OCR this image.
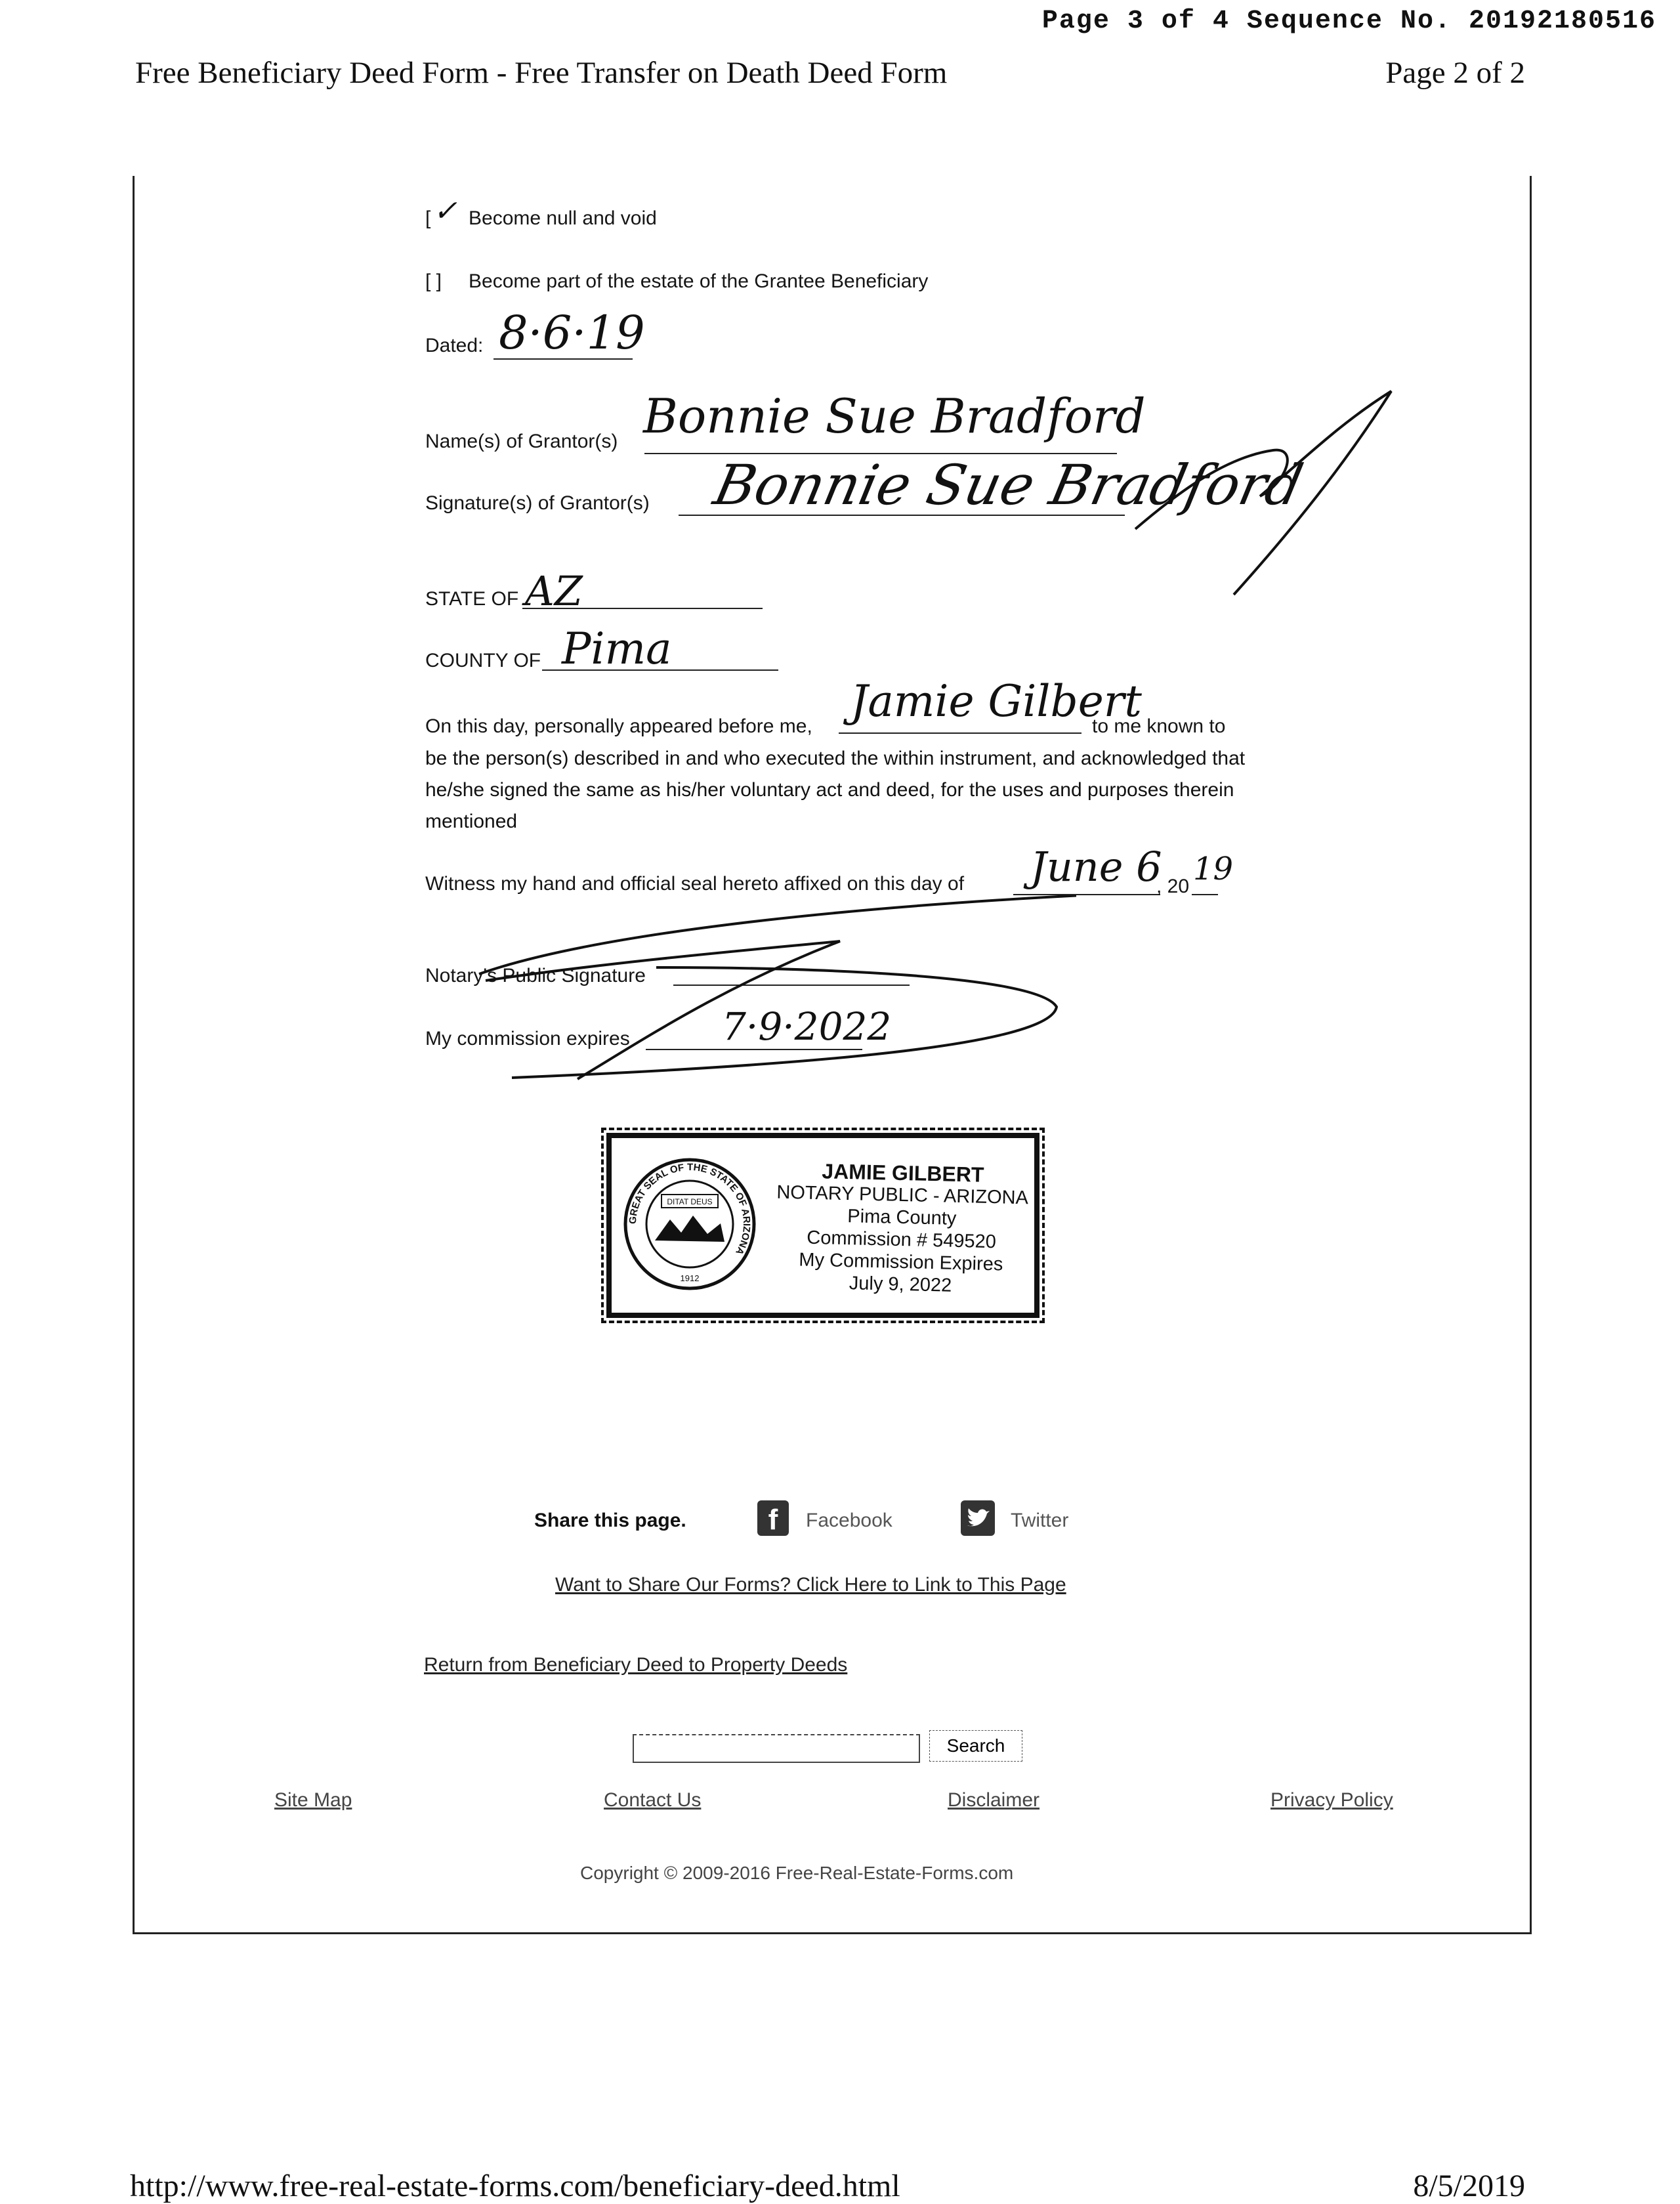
Page 3 of 4 Sequence No. 20192180516
Free Beneficiary Deed Form - Free Transfer on Death Deed Form	Page 2 of 2
[ ✓ Become null and void
[ ] Become part of the estate of the Grantee Beneficiary
Dated: 8·6·19
Name(s) of Grantor(s) Bonnie Sue Bradford
Signature(s) of Grantor(s) Bonnie Sue Bradford
STATE OF AZ
COUNTY OF Pima
On this day, personally appeared before me, Jamie Gilbert
to me known to
be the person(s) described in and who executed the within instrument, and acknowledged that he/she signed the same as his/her voluntary act and deed, for the uses and purposes therein mentioned
Witness my hand and official seal hereto affixed on this day of June 6
, 20 19
Notary's Public Signature
My commission expires 7·9·2022
GREAT SEAL OF THE STATE OF ARIZONA
DITAT DEUS
1912
JAMIE GILBERT
NOTARY PUBLIC - ARIZONA
Pima County
Commission # 549520
My Commission Expires
July 9, 2022
Share this page.	f	Facebook	Twitter
Want to Share Our Forms? Click Here to Link to This Page
Return from Beneficiary Deed to Property Deeds
Search
Site Map	Contact Us	Disclaimer	Privacy Policy
Copyright © 2009-2016 Free-Real-Estate-Forms.com
http://www.free-real-estate-forms.com/beneficiary-deed.html	8/5/2019
